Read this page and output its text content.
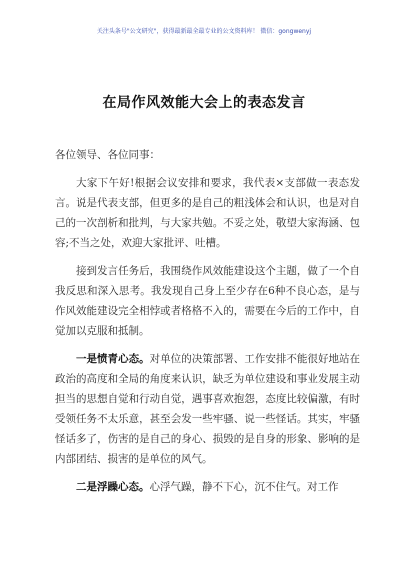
关注头条号"公文研究"，获得最新最全最专业的公文资料库！ 微信：gongwenyj
在局作风效能大会上的表态发言
各位领导、各位同事：
大家下午好!根据会议安排和要求，我代表×支部做一表态发言。说是代表支部，但更多的是自己的粗浅体会和认识，也是对自己的一次剖析和批判，与大家共勉。不妥之处，敬望大家海涵、包容;不当之处，欢迎大家批评、吐槽。
接到发言任务后，我围绕作风效能建设这个主题，做了一个自我反思和深入思考。我发现自己身上至少存在6种不良心态，是与作风效能建设完全相悖或者格格不入的，需要在今后的工作中，自觉加以克服和抵制。
一是愤青心态。对单位的决策部署、工作安排不能很好地站在政治的高度和全局的角度来认识，缺乏为单位建设和事业发展主动担当的思想自觉和行动自觉，遇事喜欢抱怨，态度比较偏激，有时受领任务不太乐意，甚至会发一些牢骚、说一些怪话。其实，牢骚怪话多了，伤害的是自己的身心、损毁的是自身的形象、影响的是内部团结、损害的是单位的风气。
二是浮躁心态。心浮气躁，静不下心，沉不住气。对工作
